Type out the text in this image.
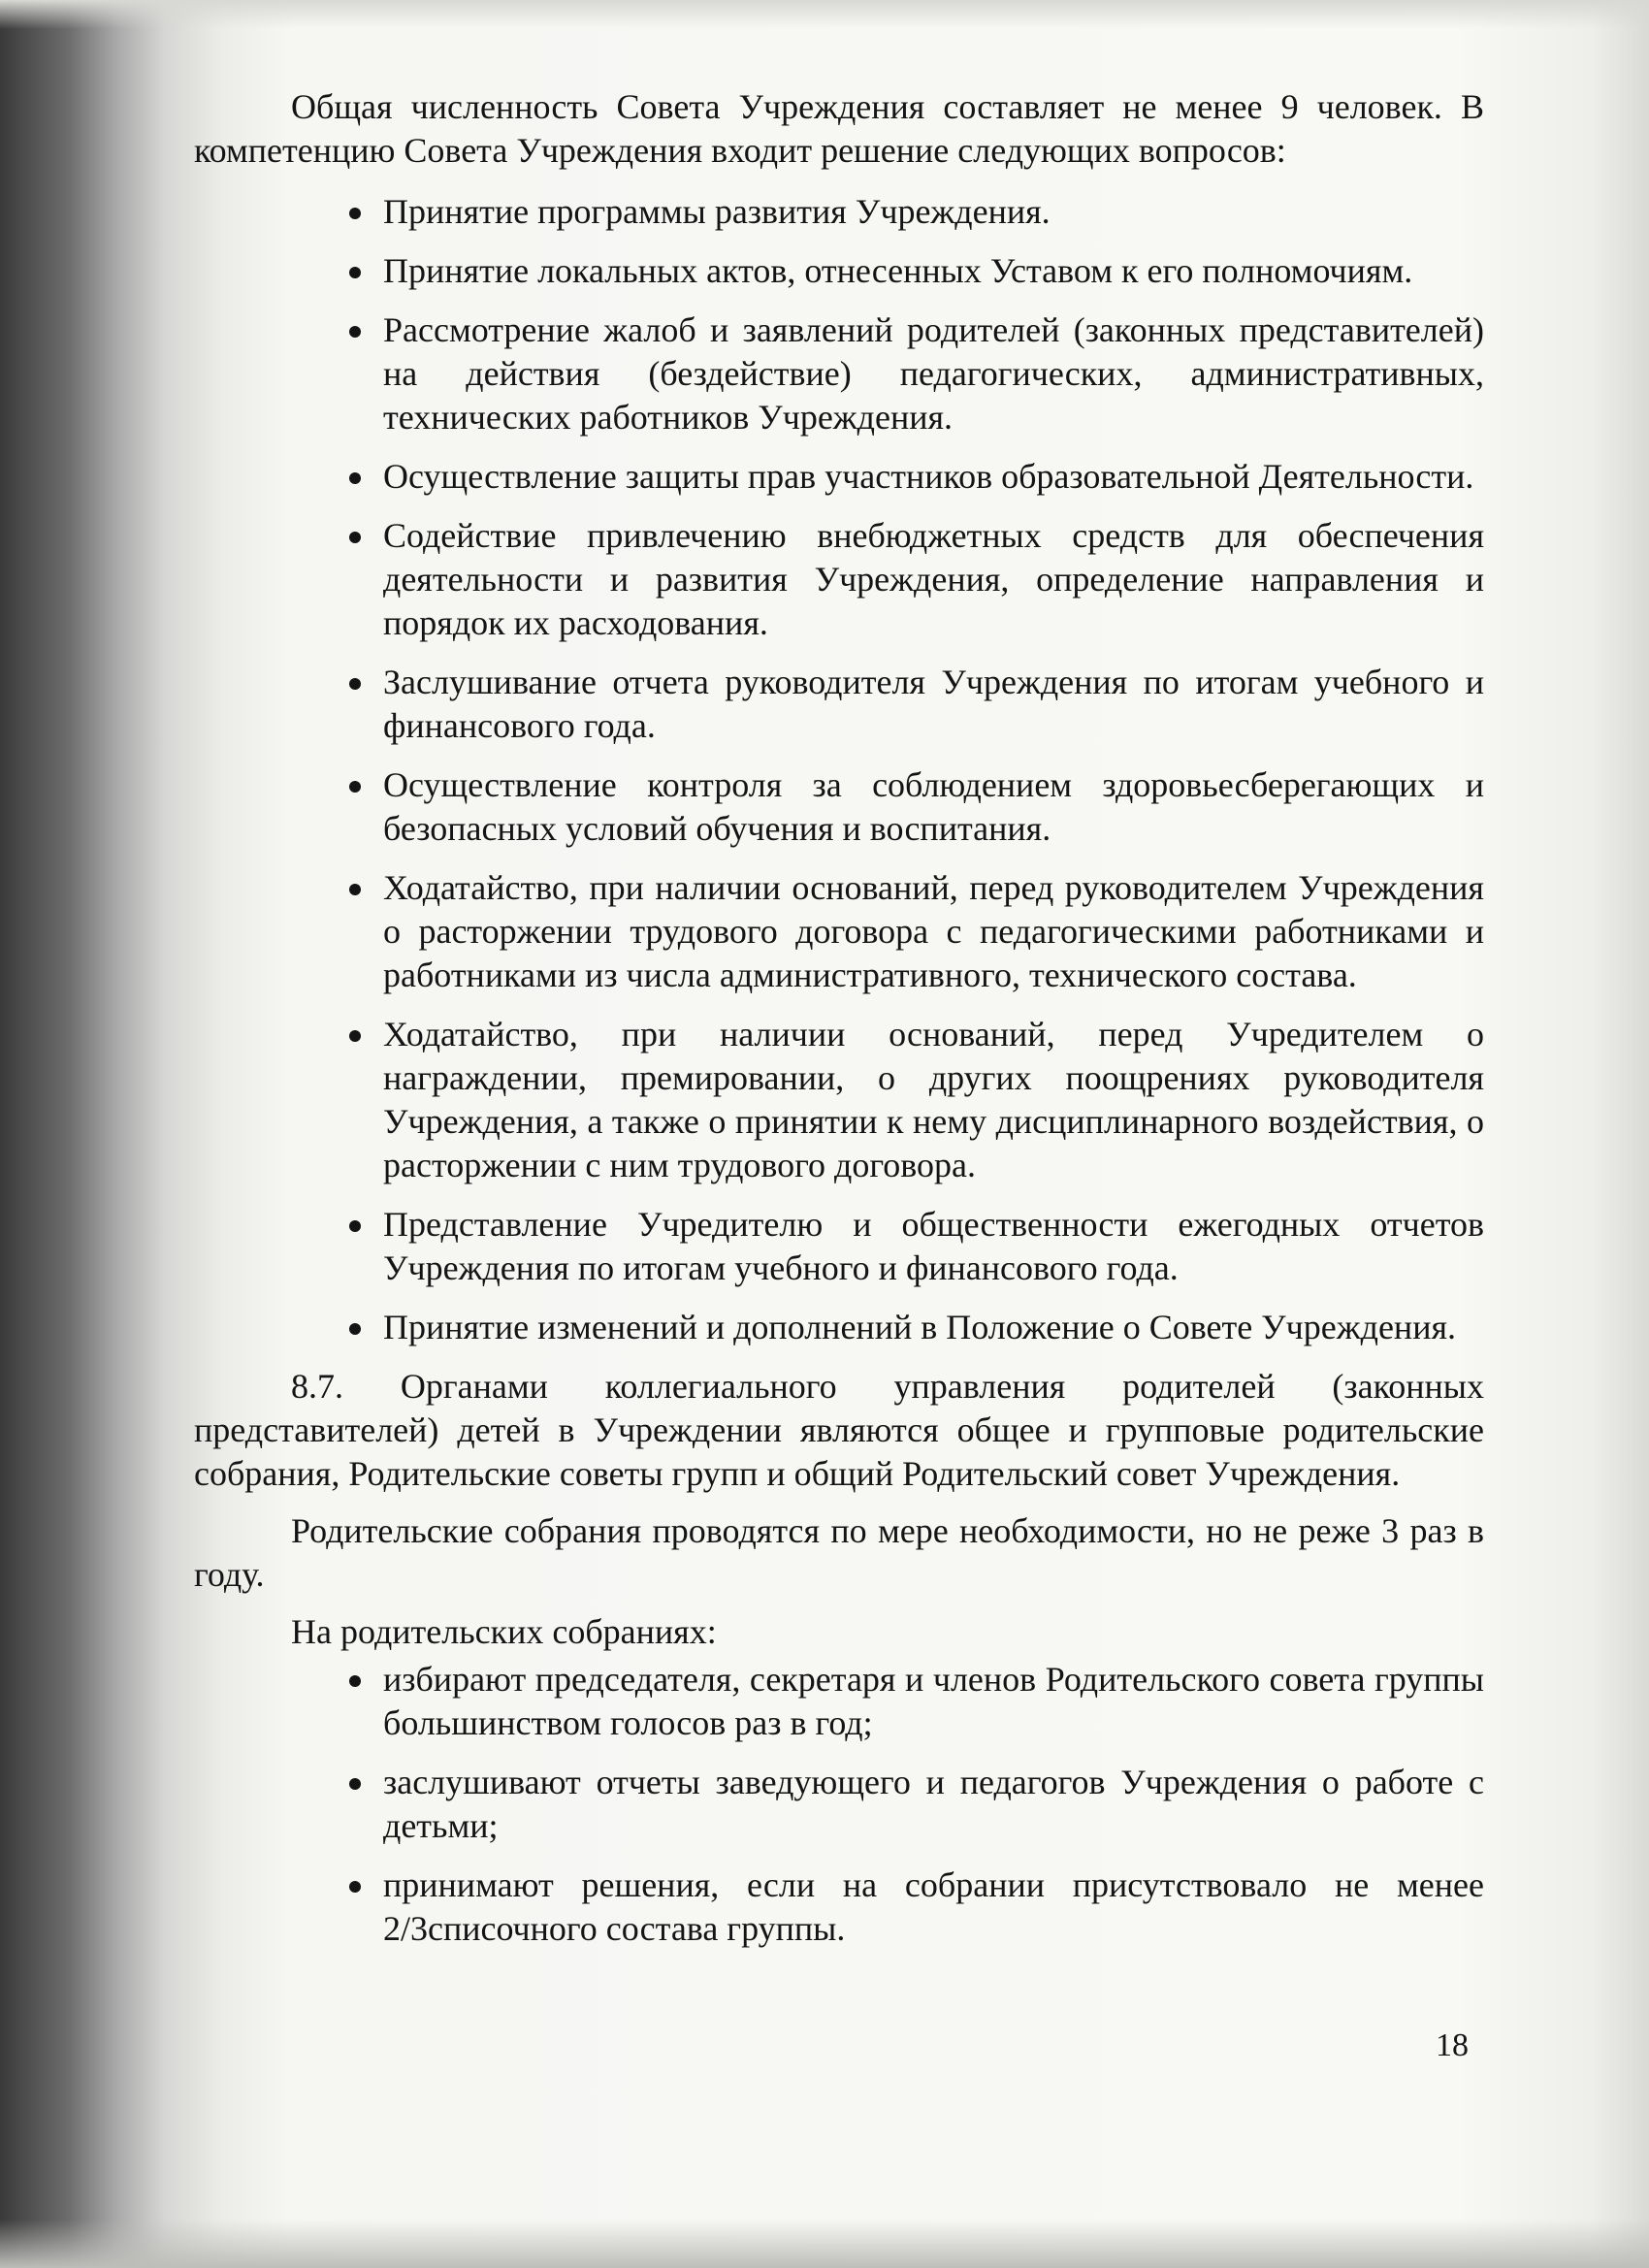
Общая численность Совета Учреждения составляет не менее 9 человек. В компетенцию Совета Учреждения входит решение следующих вопросов:

Принятие программы развития Учреждения.
Принятие локальных актов, отнесенных Уставом к его полномочиям.
Рассмотрение жалоб и заявлений родителей (законных представителей) на действия (бездействие) педагогических, административных, технических работников Учреждения.
Осуществление защиты прав участников образовательной Деятельности.
Содействие привлечению внебюджетных средств для обеспечения деятельности и развития Учреждения, определение направления и порядок их расходования.
Заслушивание отчета руководителя Учреждения по итогам учебного и финансового года.
Осуществление контроля за соблюдением здоровьесберегающих и безопасных условий обучения и воспитания.
Ходатайство, при наличии оснований, перед руководителем Учреждения о расторжении трудового договора с педагогическими работниками и работниками из числа административного, технического состава.
Ходатайство, при наличии оснований, перед Учредителем о награждении, премировании, о других поощрениях руководителя Учреждения, а также о принятии к нему дисциплинарного воздействия, о расторжении с ним трудового договора.
Представление Учредителю и общественности ежегодных отчетов Учреждения по итогам учебного и финансового года.
Принятие изменений и дополнений в Положение о Совете Учреждения.

8.7. Органами коллегиального управления родителей (законных представителей) детей в Учреждении являются общее и групповые родительские собрания, Родительские советы групп и общий Родительский совет Учреждения.

Родительские собрания проводятся по мере необходимости, но не реже 3 раз в году.

На родительских собраниях:

избирают председателя, секретаря и членов Родительского совета группы большинством голосов раз в год;
заслушивают отчеты заведующего и педагогов Учреждения о работе с детьми;
принимают решения, если на собрании присутствовало не менее 2/3списочного состава группы.
18
